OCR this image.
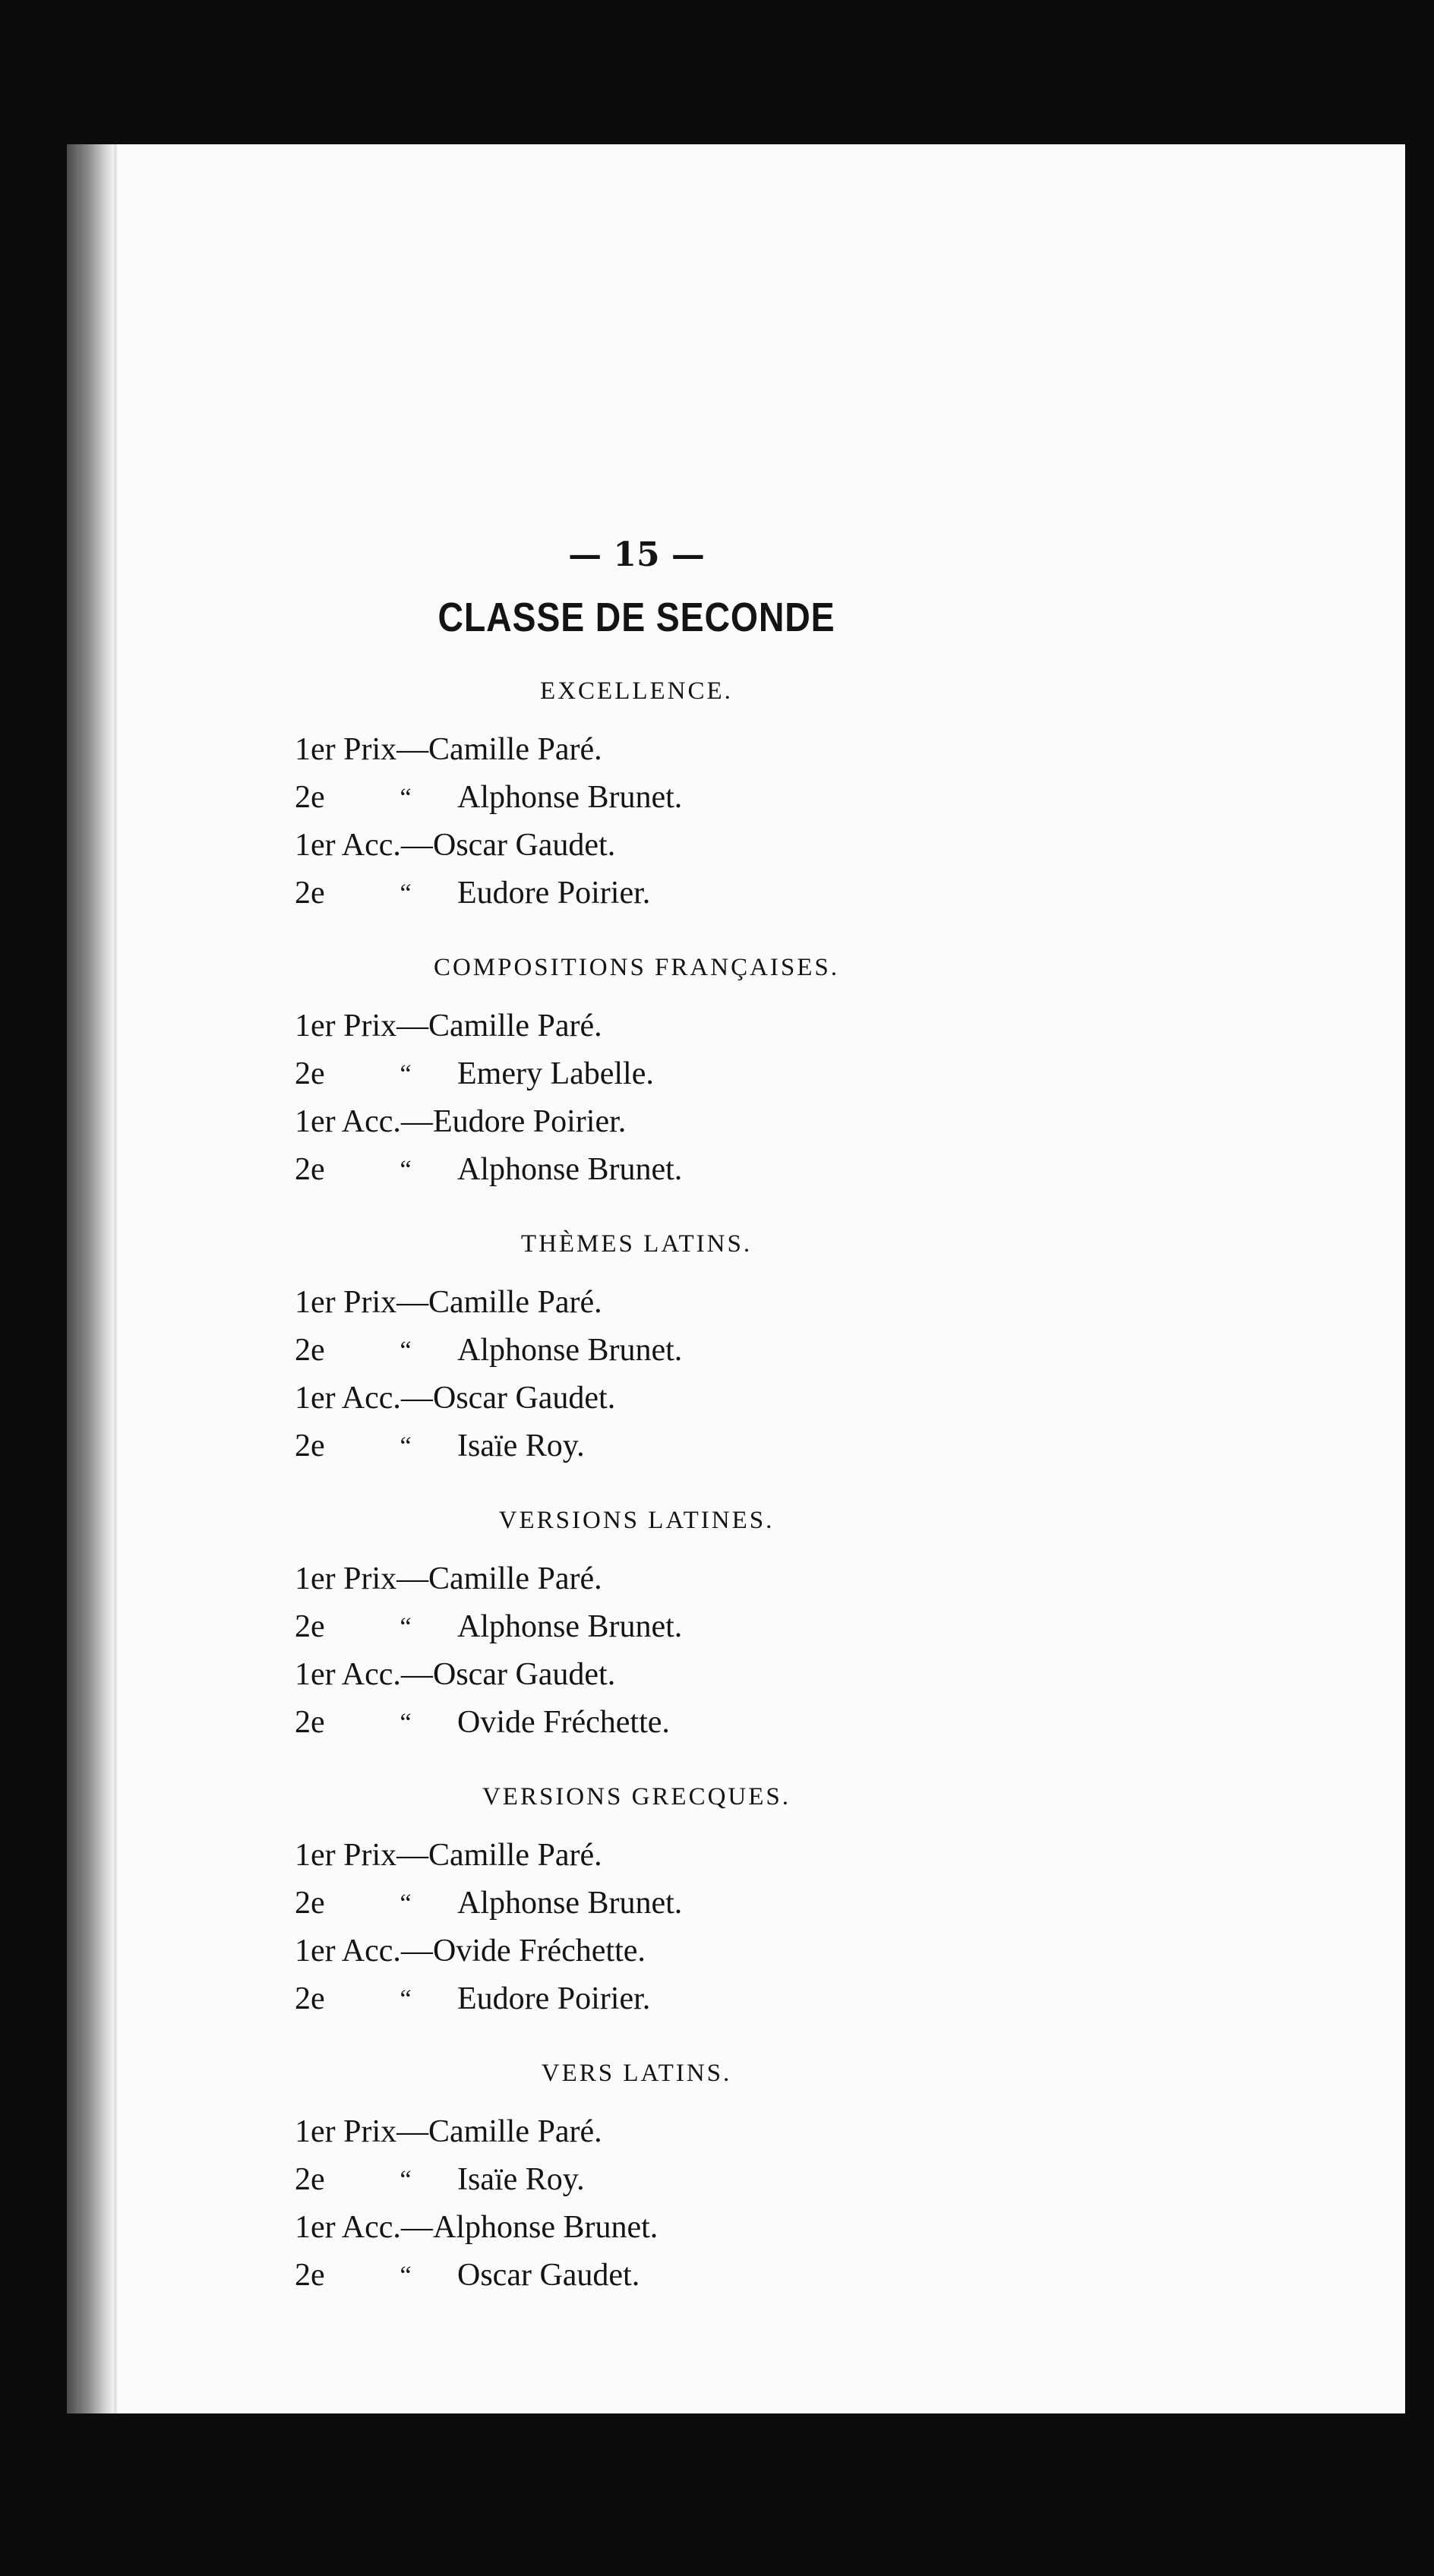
— 15 —
CLASSE DE SECONDE
EXCELLENCE.
1er Prix— Camille Paré.
2e	“	Alphonse Brunet.
1er Acc.— Oscar Gaudet.
2e	“	Eudore Poirier.
COMPOSITIONS FRANÇAISES.
1er Prix— Camille Paré.
2e	“	Emery Labelle.
1er Acc.— Eudore Poirier.
2e	“	Alphonse Brunet.
THÈMES LATINS.
1er Prix— Camille Paré.
2e	“	Alphonse Brunet.
1er Acc.— Oscar Gaudet.
2e	“	Isaïe Roy.
VERSIONS LATINES.
1er Prix— Camille Paré.
2e	“	Alphonse Brunet.
1er Acc.— Oscar Gaudet.
2e	“	Ovide Fréchette.
VERSIONS GRECQUES.
1er Prix— Camille Paré.
2e	“	Alphonse Brunet.
1er Acc.— Ovide Fréchette.
2e	“	Eudore Poirier.
VERS LATINS.
1er Prix— Camille Paré.
2e	“	Isaïe Roy.
1er Acc.— Alphonse Brunet.
2e	“	Oscar Gaudet.
